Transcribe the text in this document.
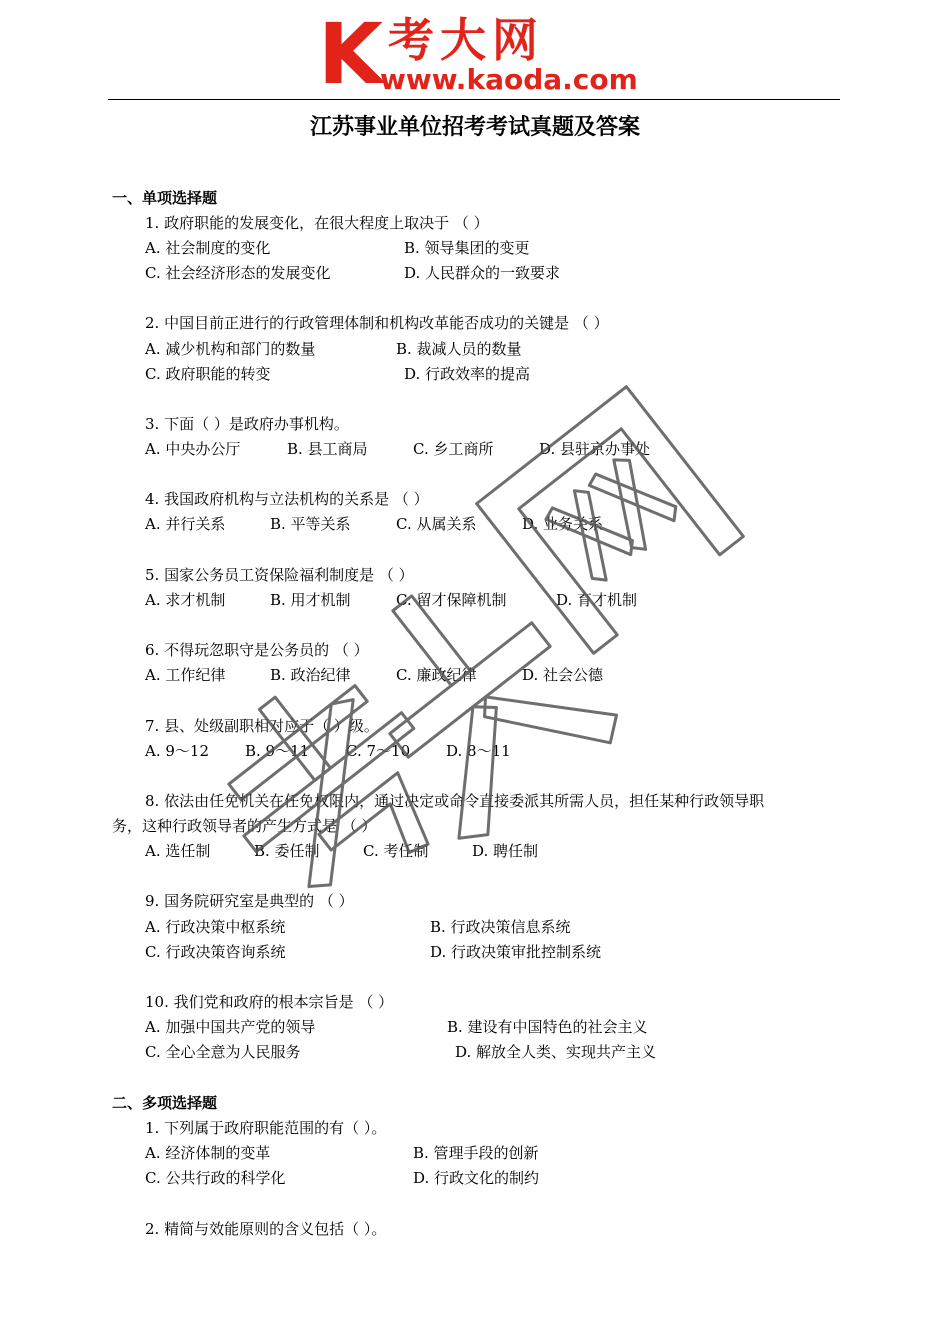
K 考大网
www.kaoda.com
江苏事业单位招考考试真题及答案
一、单项选择题
1. 政府职能的发展变化，在很大程度上取决于 （ ）
A. 社会制度的变化	B. 领导集团的变更
C. 社会经济形态的发展变化	D. 人民群众的一致要求
2. 中国目前正进行的行政管理体制和机构改革能否成功的关键是 （ ）
A. 减少机构和部门的数量	B. 裁减人员的数量
C. 政府职能的转变	D. 行政效率的提高
3. 下面（ ）是政府办事机构。
A. 中央办公厅	B. 县工商局	C. 乡工商所	D. 县驻京办事处
4. 我国政府机构与立法机构的关系是 （ ）
A. 并行关系	B. 平等关系	C. 从属关系	D. 业务关系
5. 国家公务员工资保险福利制度是 （ ）
A. 求才机制	B. 用才机制	C. 留才保障机制	D. 育才机制
6. 不得玩忽职守是公务员的 （ ）
A. 工作纪律	B. 政治纪律	C. 廉政纪律	D. 社会公德
7. 县、处级副职相对应于（ ）级。
A. 9～12 B. 9～11 C. 7～10 D. 8～11
8. 依法由任免机关在任免权限内，通过决定或命令直接委派其所需人员，担任某种行政领导职
务，这种行政领导者的产生方式是 （ ）
A. 选任制	B. 委任制	C. 考任制	D. 聘任制
9. 国务院研究室是典型的 （ ）
A. 行政决策中枢系统	B. 行政决策信息系统
C. 行政决策咨询系统	D. 行政决策审批控制系统
10. 我们党和政府的根本宗旨是 （ ）
A. 加强中国共产党的领导	B. 建设有中国特色的社会主义
C. 全心全意为人民服务	D. 解放全人类、实现共产主义
二、多项选择题
1. 下列属于政府职能范围的有（ ）。
A. 经济体制的变革	B. 管理手段的创新
C. 公共行政的科学化	D. 行政文化的制约
2. 精简与效能原则的含义包括（ ）。
